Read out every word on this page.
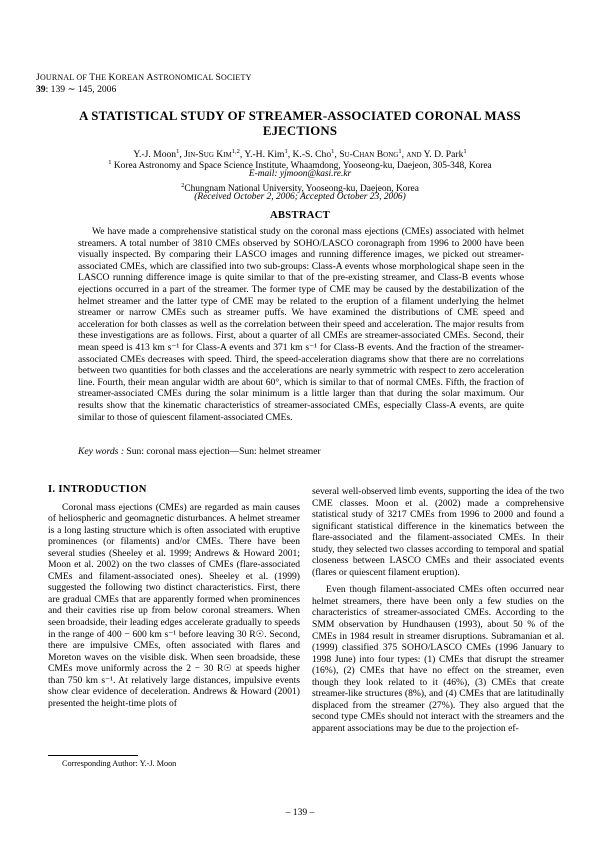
JOURNAL OF THE KOREAN ASTRONOMICAL SOCIETY
39: 139 ∼ 145, 2006
A STATISTICAL STUDY OF STREAMER-ASSOCIATED CORONAL MASS
EJECTIONS
Y.-J. Moon$^1$, Jin-Sug Kim$^{1,2}$, Y.-H. Kim$^1$, K.-S. Cho$^1$, Su-Chan Bong$^1$, and Y. D. Park$^1$
$^1$ Korea Astronomy and Space Science Institute, Whaamdong, Yooseong-ku, Daejeon, 305-348, Korea
E-mail: yjmoon@kasi.re.kr
$^2$Chungnam National University, Yooseong-ku, Daejeon, Korea
(Received October 2, 2006; Accepted October 23, 2006)
ABSTRACT
We have made a comprehensive statistical study on the coronal mass ejections (CMEs) associated with helmet streamers. A total number of 3810 CMEs observed by SOHO/LASCO coronagraph from 1996 to 2000 have been visually inspected. By comparing their LASCO images and running difference images, we picked out streamer-associated CMEs, which are classified into two sub-groups: Class-A events whose morphological shape seen in the LASCO running difference image is quite similar to that of the pre-existing streamer, and Class-B events whose ejections occurred in a part of the streamer. The former type of CME may be caused by the destabilization of the helmet streamer and the latter type of CME may be related to the eruption of a filament underlying the helmet streamer or narrow CMEs such as streamer puffs. We have examined the distributions of CME speed and acceleration for both classes as well as the correlation between their speed and acceleration. The major results from these investigations are as follows. First, about a quarter of all CMEs are streamer-associated CMEs. Second, their mean speed is 413 km s⁻¹ for Class-A events and 371 km s⁻¹ for Class-B events. And the fraction of the streamer-associated CMEs decreases with speed. Third, the speed-acceleration diagrams show that there are no correlations between two quantities for both classes and the accelerations are nearly symmetric with respect to zero acceleration line. Fourth, their mean angular width are about 60°, which is similar to that of normal CMEs. Fifth, the fraction of streamer-associated CMEs during the solar minimum is a little larger than that during the solar maximum. Our results show that the kinematic characteristics of streamer-associated CMEs, especially Class-A events, are quite similar to those of quiescent filament-associated CMEs.
Key words : Sun: coronal mass ejection—Sun: helmet streamer
I. INTRODUCTION

Coronal mass ejections (CMEs) are regarded as main causes of heliospheric and geomagnetic disturbances. A helmet streamer is a long lasting structure which is often associated with eruptive prominences (or filaments) and/or CMEs. There have been several studies (Sheeley et al. 1999; Andrews & Howard 2001; Moon et al. 2002) on the two classes of CMEs (flare-associated CMEs and filament-associated ones). Sheeley et al. (1999) suggested the following two distinct characteristics. First, there are gradual CMEs that are apparently formed when prominences and their cavities rise up from below coronal streamers. When seen broadside, their leading edges accelerate gradually to speeds in the range of 400 − 600 km s⁻¹ before leaving 30 R☉. Second, there are impulsive CMEs, often associated with flares and Moreton waves on the visible disk. When seen broadside, these CMEs move uniformly across the 2 − 30 R☉ at speeds higher than 750 km s⁻¹. At relatively large distances, impulsive events show clear evidence of deceleration. Andrews & Howard (2001) presented the height-time plots of

several well-observed limb events, supporting the idea of the two CME classes. Moon et al. (2002) made a comprehensive statistical study of 3217 CMEs from 1996 to 2000 and found a significant statistical difference in the kinematics between the flare-associated and the filament-associated CMEs. In their study, they selected two classes according to temporal and spatial closeness between LASCO CMEs and their associated events (flares or quiescent filament eruption).

Even though filament-associated CMEs often occurred near helmet streamers, there have been only a few studies on the characteristics of streamer-associated CMEs. According to the SMM observation by Hundhausen (1993), about 50 % of the CMEs in 1984 result in streamer disruptions. Subramanian et al. (1999) classified 375 SOHO/LASCO CMEs (1996 January to 1998 June) into four types: (1) CMEs that disrupt the streamer (16%), (2) CMEs that have no effect on the streamer, even though they look related to it (46%), (3) CMEs that create streamer-like structures (8%), and (4) CMEs that are latitudinally displaced from the streamer (27%). They also argued that the second type CMEs should not interact with the streamers and the apparent associations may be due to the projection ef-

Corresponding Author: Y.-J. Moon
– 139 –
